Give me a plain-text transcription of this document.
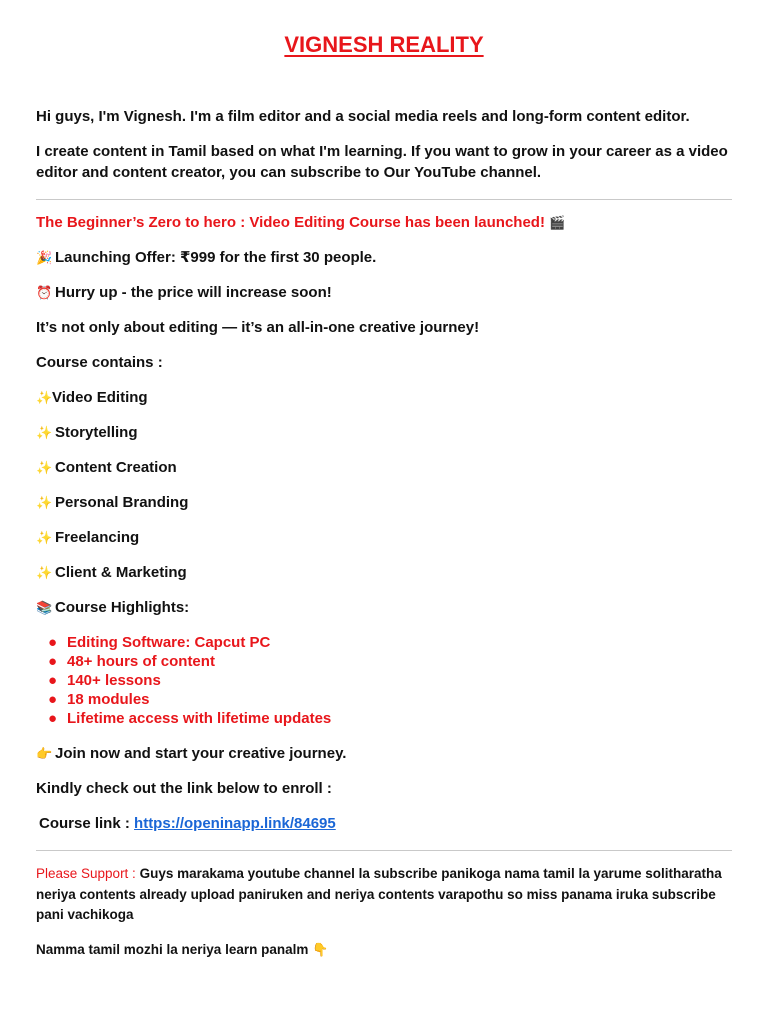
VIGNESH REALITY

Hi guys, I'm Vignesh. I'm a film editor and a social media reels and long-form content editor.

I create content in Tamil based on what I'm learning. If you want to grow in your career as a video editor and content creator, you can subscribe to Our YouTube channel.

The Beginner’s Zero to hero : Video Editing Course has been launched! 🎬

🎉 Launching Offer: ₹999 for the first 30 people.

⏰ Hurry up - the price will increase soon!

It’s not only about editing — it’s an all-in-one creative journey!

Course contains :

✨Video Editing

✨ Storytelling

✨ Content Creation

✨ Personal Branding

✨ Freelancing

✨ Client & Marketing

📚 Course Highlights:

● Editing Software: Capcut PC
● 48+ hours of content
● 140+ lessons
● 18 modules
● Lifetime access with lifetime updates

👉 Join now and start your creative journey.

Kindly check out the link below to enroll :

Course link : https://openinapp.link/84695

Please Support : Guys marakama youtube channel la subscribe panikoga nama tamil la yarume solitharatha neriya contents already upload paniruken and neriya contents varapothu so miss panama iruka subscribe pani vachikoga

Namma tamil mozhi la neriya learn panalm 👇
